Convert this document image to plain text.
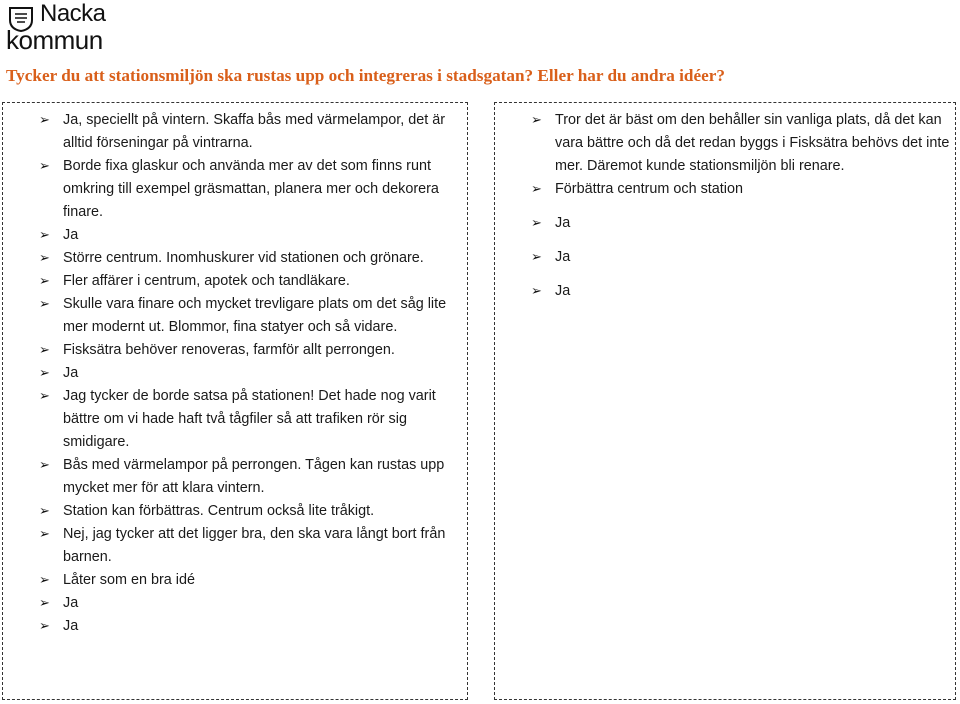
Nacka
kommun
Tycker du att stationsmiljön ska rustas upp och integreras i stadsgatan? Eller har du andra idéer?
➢ Ja, speciellt på vintern. Skaffa bås med värmelampor, det är alltid förseningar på vintrarna.
➢ Borde fixa glaskur och använda mer av det som finns runt omkring till exempel gräsmattan, planera mer och dekorera finare.
➢ Ja
➢ Större centrum. Inomhuskurer vid stationen och grönare.
➢ Fler affärer i centrum, apotek och tandläkare.
➢ Skulle vara finare och mycket trevligare plats om det såg lite mer modernt ut. Blommor, fina statyer och så vidare.
➢ Fisksätra behöver renoveras, farmför allt perrongen.
➢ Ja
➢ Jag tycker de borde satsa på stationen! Det hade nog varit bättre om vi hade haft två tågfiler så att trafiken rör sig smidigare.
➢ Bås med värmelampor på perrongen. Tågen kan rustas upp mycket mer för att klara vintern.
➢ Station kan förbättras. Centrum också lite tråkigt.
➢ Nej, jag tycker att det ligger bra, den ska vara långt bort från barnen.
➢ Låter som en bra idé
➢ Ja
➢ Ja
➢ Tror det är bäst om den behåller sin vanliga plats, då det kan vara bättre och då det redan byggs i Fisksätra behövs det inte mer. Däremot kunde stationsmiljön bli renare.
➢ Förbättra centrum och station
➢ Ja
➢ Ja
➢ Ja
